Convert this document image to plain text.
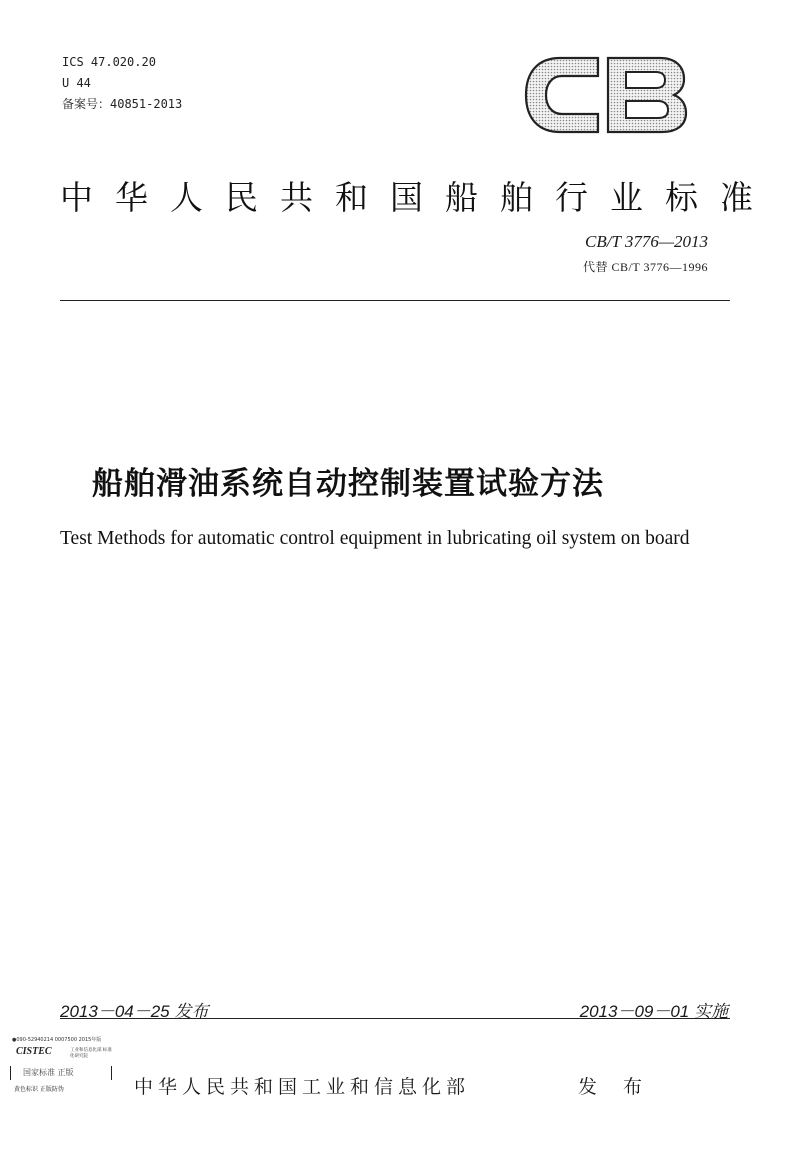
ICS 47.020.20
U 44
备案号：40851-2013
中华人民共和国船舶行业标准
CB/T 3776—2013
代替 CB/T 3776—1996
船舶滑油系统自动控制装置试验方法
Test Methods for automatic control equipment in lubricating oil system on board
2013－04－25 发布	2013－09－01 实施
●090-52940214 0007500 2015年版
CISTEC	工业和信息化部 标准化研究院
国家标准 正版
黄色标识 正版防伪	中华人民共和国工业和信息化部	发 布
